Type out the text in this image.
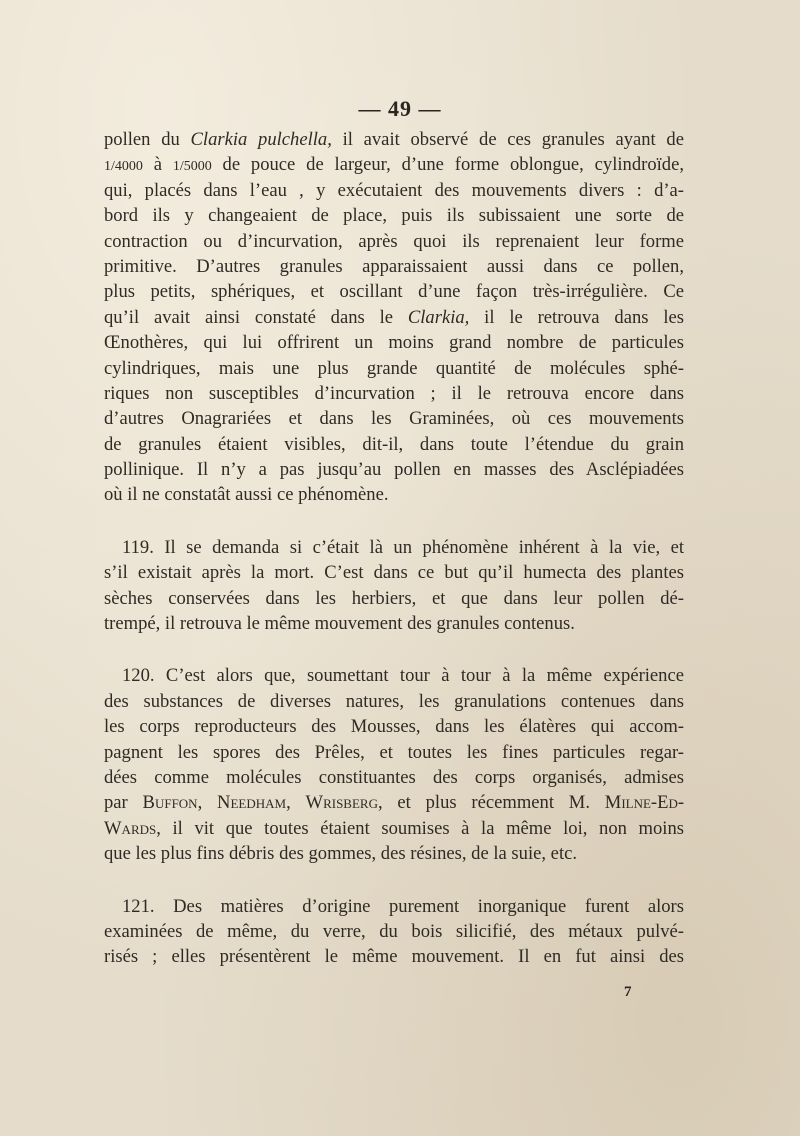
— 49 —
pollen du Clarkia pulchella, il avait observé de ces granules ayant de
1/4000 à 1/5000 de pouce de largeur, d’une forme oblongue, cylindroïde,
qui, placés dans l’eau , y exécutaient des mouvements divers : d’a-
bord ils y changeaient de place, puis ils subissaient une sorte de
contraction ou d’incurvation, après quoi ils reprenaient leur forme
primitive. D’autres granules apparaissaient aussi dans ce pollen,
plus petits, sphériques, et oscillant d’une façon très-irrégulière. Ce
qu’il avait ainsi constaté dans le Clarkia, il le retrouva dans les
Œnothères, qui lui offrirent un moins grand nombre de particules
cylindriques, mais une plus grande quantité de molécules sphé-
riques non susceptibles d’incurvation ; il le retrouva encore dans
d’autres Onagrariées et dans les Graminées, où ces mouvements
de granules étaient visibles, dit-il, dans toute l’étendue du grain
pollinique. Il n’y a pas jusqu’au pollen en masses des Asclépiadées
où il ne constatât aussi ce phénomène.
119. Il se demanda si c’était là un phénomène inhérent à la vie, et
s’il existait après la mort. C’est dans ce but qu’il humecta des plantes
sèches conservées dans les herbiers, et que dans leur pollen dé-
trempé, il retrouva le même mouvement des granules contenus.
120. C’est alors que, soumettant tour à tour à la même expérience
des substances de diverses natures, les granulations contenues dans
les corps reproducteurs des Mousses, dans les élatères qui accom-
pagnent les spores des Prêles, et toutes les fines particules regar-
dées comme molécules constituantes des corps organisés, admises
par Buffon, Needham, Wrisberg, et plus récemment M. Milne-Ed-
Wards, il vit que toutes étaient soumises à la même loi, non moins
que les plus fins débris des gommes, des résines, de la suie, etc.
121. Des matières d’origine purement inorganique furent alors
examinées de même, du verre, du bois silicifié, des métaux pulvé-
risés ; elles présentèrent le même mouvement. Il en fut ainsi des
7
